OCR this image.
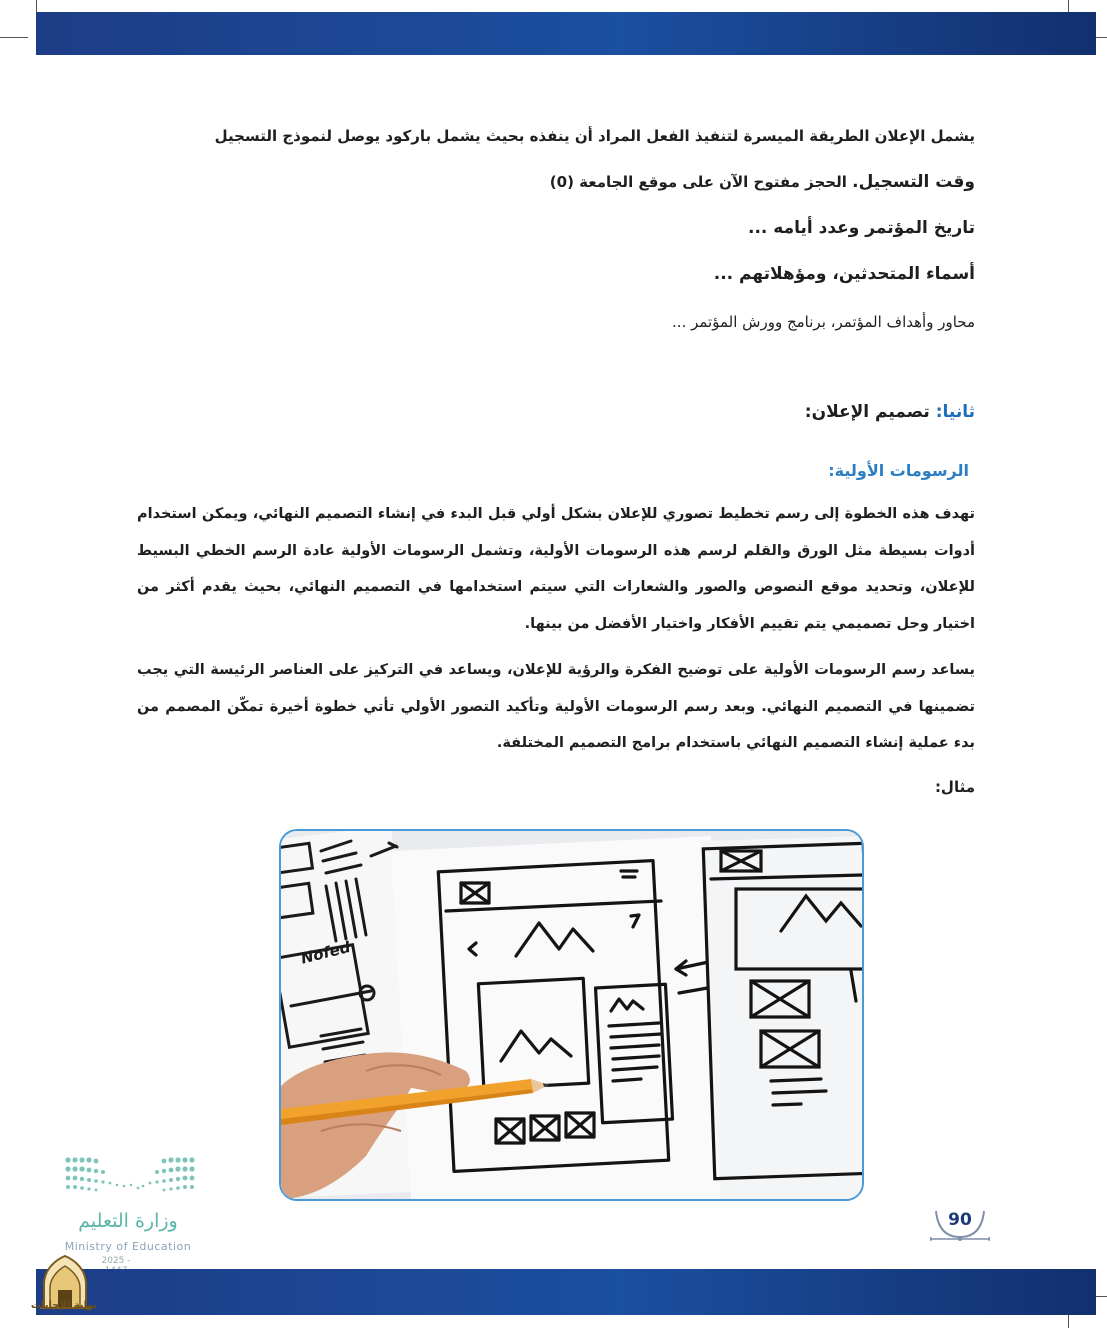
يشمل الإعلان الطريقة الميسرة لتنفيذ الفعل المراد أن ينفذه بحيث يشمل باركود يوصل لنموذج التسجيل
وقت التسجيل. الحجز مفتوح الآن على موقع الجامعة (0)
تاريخ المؤتمر وعدد أيامه ...
أسماء المتحدثين، ومؤهلاتهم ...
محاور وأهداف المؤتمر، برنامج وورش المؤتمر ...
ثانيا: تصميم الإعلان:
الرسومات الأولية:
تهدف هذه الخطوة إلى رسم تخطيط تصوري للإعلان بشكل أولي قبل البدء في إنشاء التصميم النهائي، ويمكن استخدام أدوات بسيطة مثل الورق والقلم لرسم هذه الرسومات الأولية، وتشمل الرسومات الأولية عادة الرسم الخطي البسيط للإعلان، وتحديد موقع النصوص والصور والشعارات التي سيتم استخدامها في التصميم النهائي، بحيث يقدم أكثر من اختيار وحل تصميمي يتم تقييم الأفكار واختيار الأفضل من بينها.
يساعد رسم الرسومات الأولية على توضيح الفكرة والرؤية للإعلان، ويساعد في التركيز على العناصر الرئيسة التي يجب تضمينها في التصميم النهائي. وبعد رسم الرسومات الأولية وتأكيد التصور الأولي تأتي خطوة أخيرة تمكّن المصمم من بدء عملية إنشاء التصميم النهائي باستخدام برامج التصميم المختلفة.
مثال:
Nofed
90
وزارة التعليم
Ministry of Education
2025 -
بوابة الإجابات
